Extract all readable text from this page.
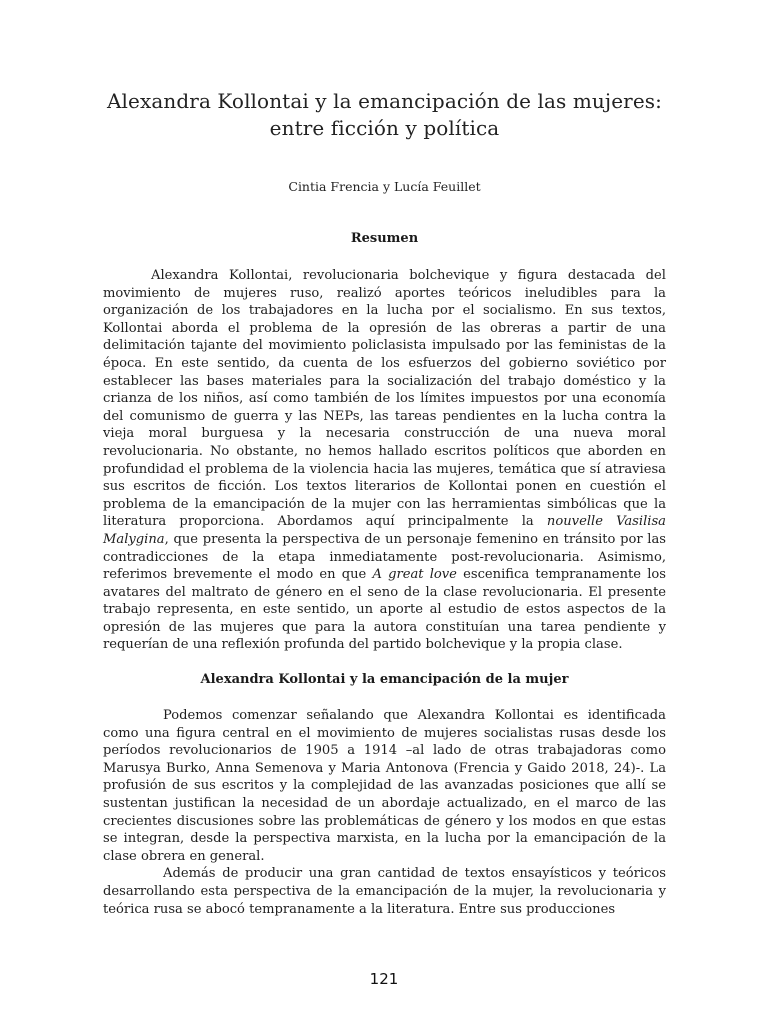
Alexandra Kollontai y la emancipación de las mujeres:
entre ficción y política
Cintia Frencia y Lucía Feuillet
Resumen

Alexandra Kollontai, revolucionaria bolchevique y figura destacada del movimiento de mujeres ruso, realizó aportes teóricos ineludibles para la organización de los trabajadores en la lucha por el socialismo. En sus textos, Kollontai aborda el problema de la opresión de las obreras a partir de una delimitación tajante del movimiento policlasista impulsado por las feministas de la época. En este sentido, da cuenta de los esfuerzos del gobierno soviético por establecer las bases materiales para la socialización del trabajo doméstico y la crianza de los niños, así como también de los límites impuestos por una economía del comunismo de guerra y las NEPs, las tareas pendientes en la lucha contra la vieja moral burguesa y la necesaria construcción de una nueva moral revolucionaria. No obstante, no hemos hallado escritos políticos que aborden en profundidad el problema de la violencia hacia las mujeres, temática que sí atraviesa sus escritos de ficción. Los textos literarios de Kollontai ponen en cuestión el problema de la emancipación de la mujer con las herramientas simbólicas que la literatura proporciona. Abordamos aquí principalmente la nouvelle Vasilisa Malygina, que presenta la perspectiva de un personaje femenino en tránsito por las contradicciones de la etapa inmediatamente post-revolucionaria. Asimismo, referimos brevemente el modo en que A great love escenifica tempranamente los avatares del maltrato de género en el seno de la clase revolucionaria. El presente trabajo representa, en este sentido, un aporte al estudio de estos aspectos de la opresión de las mujeres que para la autora constituían una tarea pendiente y requerían de una reflexión profunda del partido bolchevique y la propia clase.

Alexandra Kollontai y la emancipación de la mujer

Podemos comenzar señalando que Alexandra Kollontai es identificada como una figura central en el movimiento de mujeres socialistas rusas desde los períodos revolucionarios de 1905 a 1914 –al lado de otras trabajadoras como Marusya Burko, Anna Semenova y Maria Antonova (Frencia y Gaido 2018, 24)-. La profusión de sus escritos y la complejidad de las avanzadas posiciones que allí se sustentan justifican la necesidad de un abordaje actualizado, en el marco de las crecientes discusiones sobre las problemáticas de género y los modos en que estas se integran, desde la perspectiva marxista, en la lucha por la emancipación de la clase obrera en general.

Además de producir una gran cantidad de textos ensayísticos y teóricos desarrollando esta perspectiva de la emancipación de la mujer, la revolucionaria y teórica rusa se abocó tempranamente a la literatura. Entre sus producciones

121
